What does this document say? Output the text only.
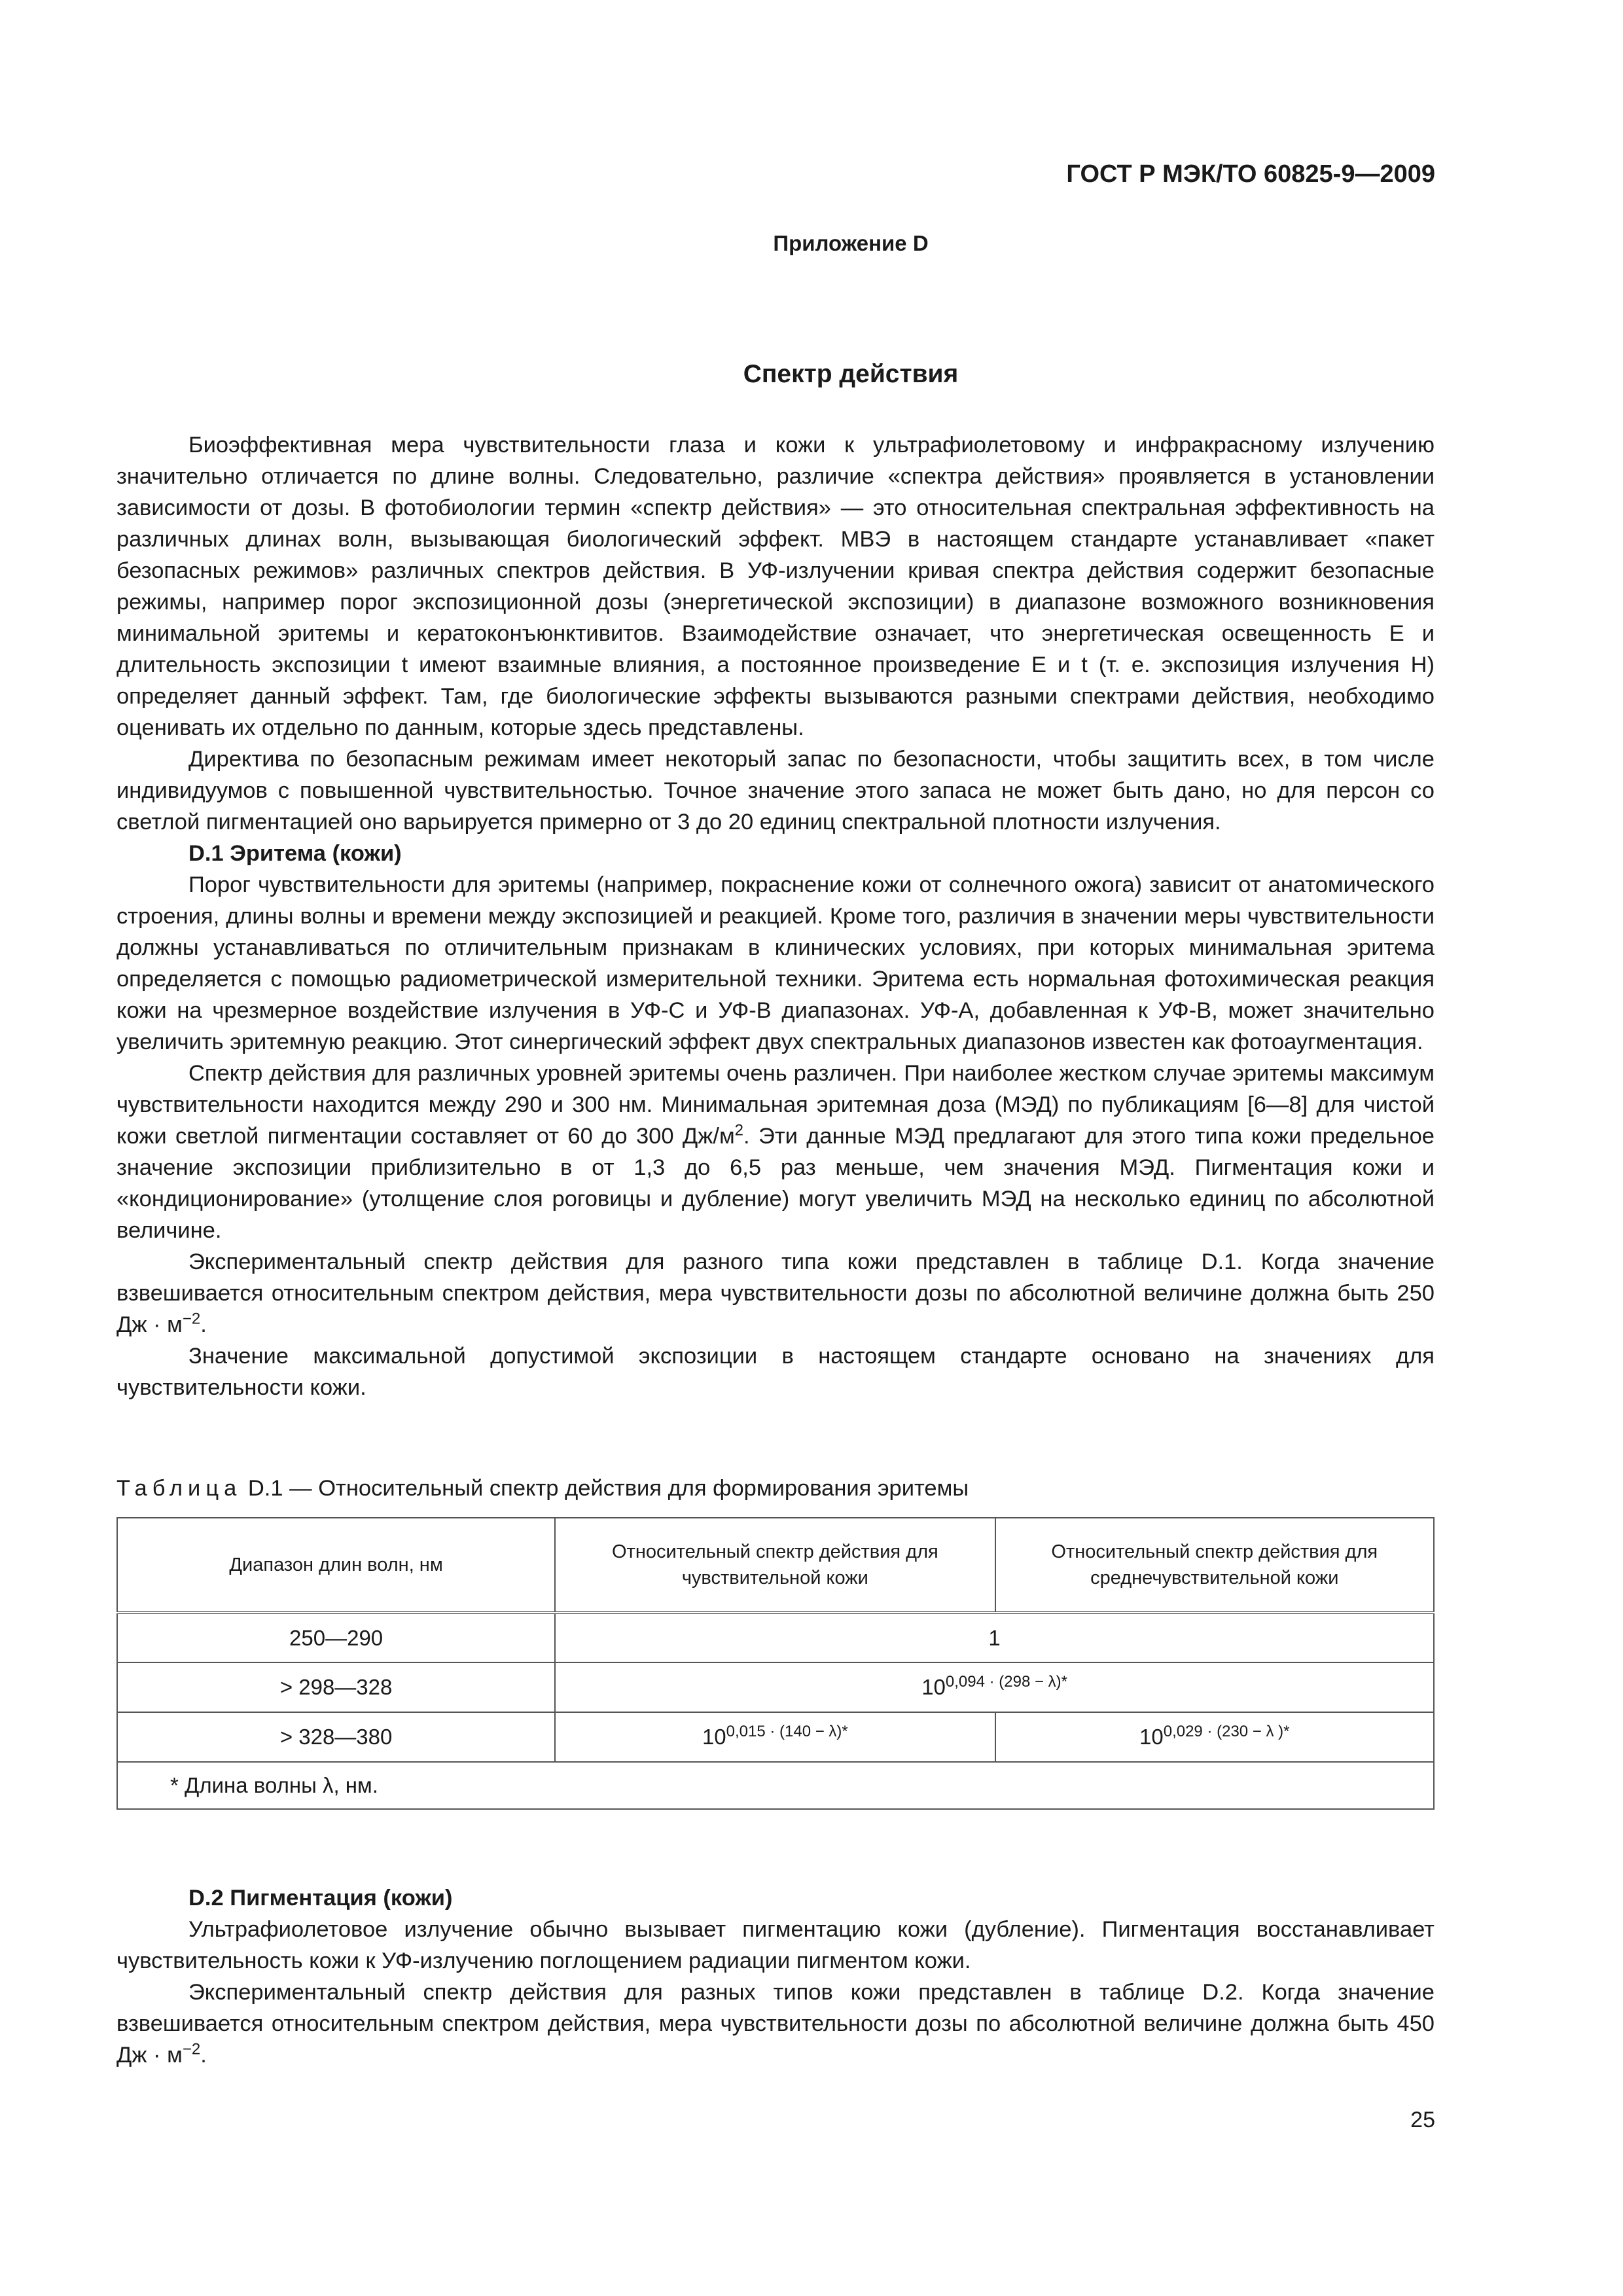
ГОСТ Р МЭК/ТО 60825-9—2009
Приложение D
Спектр действия

Биоэффективная мера чувствительности глаза и кожи к ультрафиолетовому и инфракрасному излучению значительно отличается по длине волны. Следовательно, различие «спектра действия» проявляется в установлении зависимости от дозы. В фотобиологии термин «спектр действия» — это относительная спектральная эффективность на различных длинах волн, вызывающая биологический эффект. МВЭ в настоящем стандарте устанавливает «пакет безопасных режимов» различных спектров действия. В УФ-излучении кривая спектра действия содержит безопасные режимы, например порог экспозиционной дозы (энергетической экспозиции) в диапазоне возможного возникновения минимальной эритемы и кератоконъюнктивитов. Взаимодействие означает, что энергетическая освещенность E и длительность экспозиции t имеют взаимные влияния, а постоянное произведение E и t (т. е. экспозиция излучения H) определяет данный эффект. Там, где биологические эффекты вызываются разными спектрами действия, необходимо оценивать их отдельно по данным, которые здесь представлены.

Директива по безопасным режимам имеет некоторый запас по безопасности, чтобы защитить всех, в том числе индивидуумов с повышенной чувствительностью. Точное значение этого запаса не может быть дано, но для персон со светлой пигментацией оно варьируется примерно от 3 до 20 единиц спектральной плотности излучения.

D.1 Эритема (кожи)

Порог чувствительности для эритемы (например, покраснение кожи от солнечного ожога) зависит от анатомического строения, длины волны и времени между экспозицией и реакцией. Кроме того, различия в значении меры чувствительности должны устанавливаться по отличительным признакам в клинических условиях, при которых минимальная эритема определяется с помощью радиометрической измерительной техники. Эритема есть нормальная фотохимическая реакция кожи на чрезмерное воздействие излучения в УФ-С и УФ-В диапазонах. УФ-А, добавленная к УФ-В, может значительно увеличить эритемную реакцию. Этот синергический эффект двух спектральных диапазонов известен как фотоаугментация.

Спектр действия для различных уровней эритемы очень различен. При наиболее жестком случае эритемы максимум чувствительности находится между 290 и 300 нм. Минимальная эритемная доза (МЭД) по публикациям [6—8] для чистой кожи светлой пигментации составляет от 60 до 300 $Дж/м^2$. Эти данные МЭД предлагают для этого типа кожи предельное значение экспозиции приблизительно в от 1,3 до 6,5 раз меньше, чем значения МЭД. Пигментация кожи и «кондиционирование» (утолщение слоя роговицы и дубление) могут увеличить МЭД на несколько единиц по абсолютной величине.

Экспериментальный спектр действия для разного типа кожи представлен в таблице D.1. Когда значение взвешивается относительным спектром действия, мера чувствительности дозы по абсолютной величине должна быть 250 Дж · $м^{-2}$.

Значение максимальной допустимой экспозиции в настоящем стандарте основано на значениях для чувствительности кожи.

Таблица D.1 — Относительный спектр действия для формирования эритемы
Диапазон длин волн, нм	Относительный спектр действия для чувствительной кожи	Относительный спектр действия для среднечувствительной кожи
250—290	1	
> 298—328	$10^{0,094 \cdot (298 - \lambda)*}$
> 328—380	$10^{0,015 \cdot (140 - \lambda)*}$	$10^{0,029 \cdot (230 - \lambda )*}$
* Длина волны λ, нм.		

D.2 Пигментация (кожи)

Ультрафиолетовое излучение обычно вызывает пигментацию кожи (дубление). Пигментация восстанавливает чувствительность кожи к УФ-излучению поглощением радиации пигментом кожи.

Экспериментальный спектр действия для разных типов кожи представлен в таблице D.2. Когда значение взвешивается относительным спектром действия, мера чувствительности дозы по абсолютной величине должна быть 450 Дж · $м^{-2}$.

25
